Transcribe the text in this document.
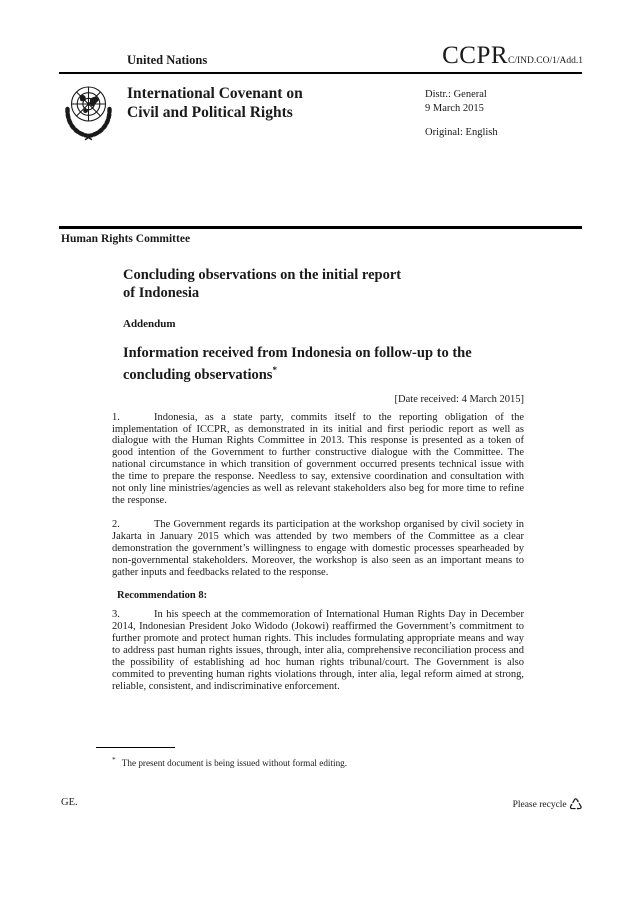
United Nations	CCPRC/IND.CO/1/Add.1
International Covenant on
Civil and Political Rights
Distr.: General
9 March 2015
Original: English
Human Rights Committee
Concluding observations on the initial report
of Indonesia
Addendum
Information received from Indonesia on follow-up to the
concluding observations*
[Date received: 4 March 2015]

1.	Indonesia, as a state party, commits itself to the reporting obligation of the implementation of ICCPR, as demonstrated in its initial and first periodic report as well as dialogue with the Human Rights Committee in 2013. This response is presented as a token of good intention of the Government to further constructive dialogue with the Committee. The national circumstance in which transition of government occurred presents technical issue with the time to prepare the response. Needless to say, extensive coordination and consultation with not only line ministries/agencies as well as relevant stakeholders also beg for more time to refine the response.

2.	The Government regards its participation at the workshop organised by civil society in Jakarta in January 2015 which was attended by two members of the Committee as a clear demonstration the government’s willingness to engage with domestic processes spearheaded by non-governmental stakeholders. Moreover, the workshop is also seen as an important means to gather inputs and feedbacks related to the response.

Recommendation 8:

3.	In his speech at the commemoration of International Human Rights Day in December 2014, Indonesian President Joko Widodo (Jokowi) reaffirmed the Government’s commitment to further promote and protect human rights. This includes formulating appropriate means and way to address past human rights issues, through, inter alia, comprehensive reconciliation process and the possibility of establishing ad hoc human rights tribunal/court. The Government is also commited to preventing human rights violations through, inter alia, legal reform aimed at strong, reliable, consistent, and indiscriminative enforcement.

* The present document is being issued without formal editing.
GE.	Please recycle ♺
